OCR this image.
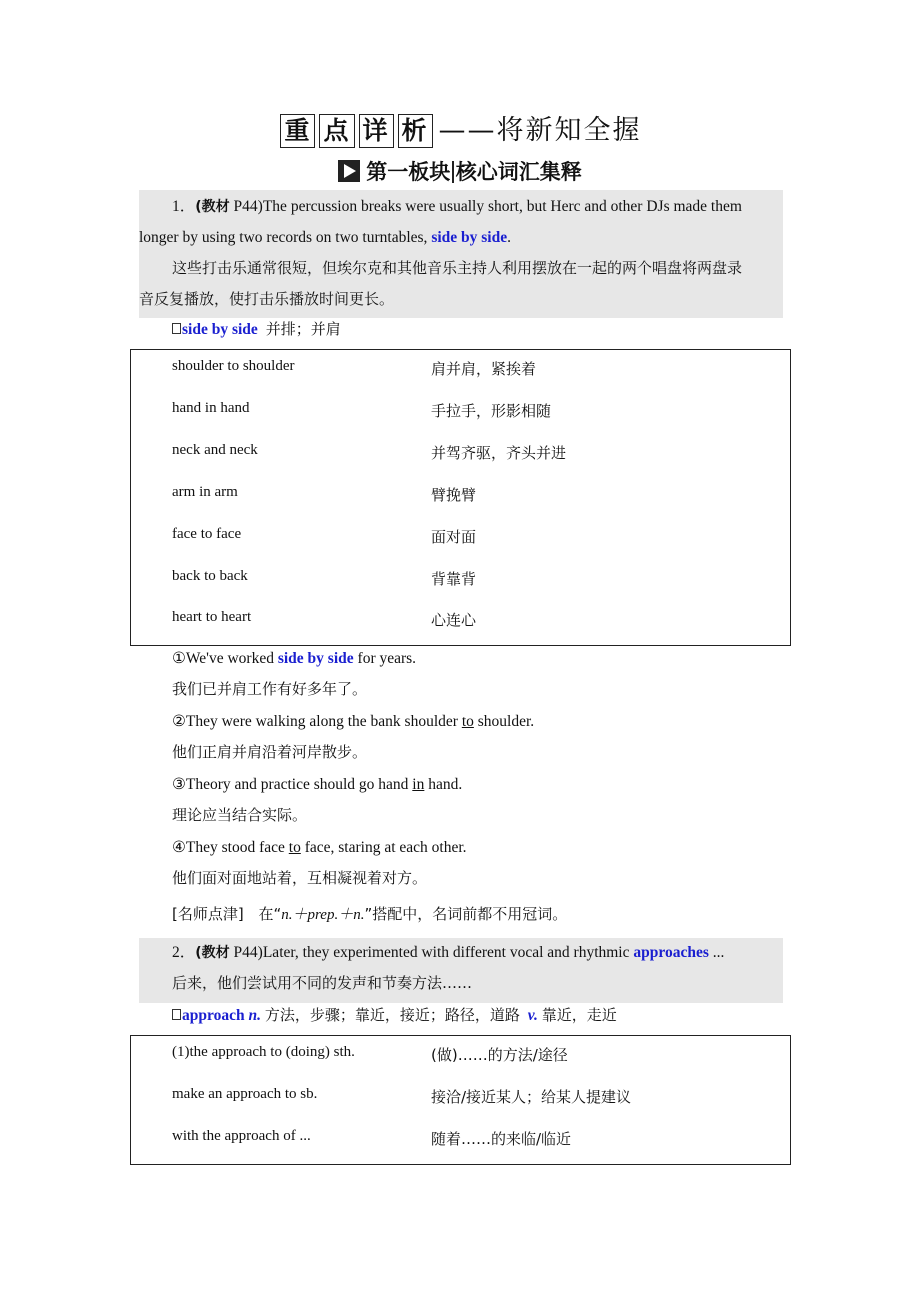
重 点 详 析 ——将新知全握
第一板块 核心词汇集释
1．(教材 P44)The percussion breaks were usually short, but Herc and other DJs made them
longer by using two records on two turntables, side by side.
这些打击乐通常很短，但埃尔克和其他音乐主持人利用摆放在一起的两个唱盘将两盘录
音反复播放，使打击乐播放时间更长。
side by side 并排；并肩
shoulder to shoulder	肩并肩，紧挨着
hand in hand	手拉手，形影相随
neck and neck	并驾齐驱，齐头并进
arm in arm	臂挽臂
face to face	面对面
back to back	背靠背
heart to heart	心连心
①We've worked side by side for years.
我们已并肩工作有好多年了。
②They were walking along the bank shoulder to shoulder.
他们正肩并肩沿着河岸散步。
③Theory and practice should go hand in hand.
理论应当结合实际。
④They stood face to face, staring at each other.
他们面对面地站着，互相凝视着对方。
[名师点津] 在“n.＋prep.＋n.”搭配中，名词前都不用冠词。
2．(教材 P44)Later, they experimented with different vocal and rhythmic approaches ...
后来，他们尝试用不同的发声和节奏方法……
approach n. 方法，步骤；靠近，接近；路径，道路 v. 靠近，走近
(1)the approach to (doing) sth.	(做)……的方法/途径
make an approach to sb.	接洽/接近某人；给某人提建议
with the approach of ...	随着……的来临/临近
